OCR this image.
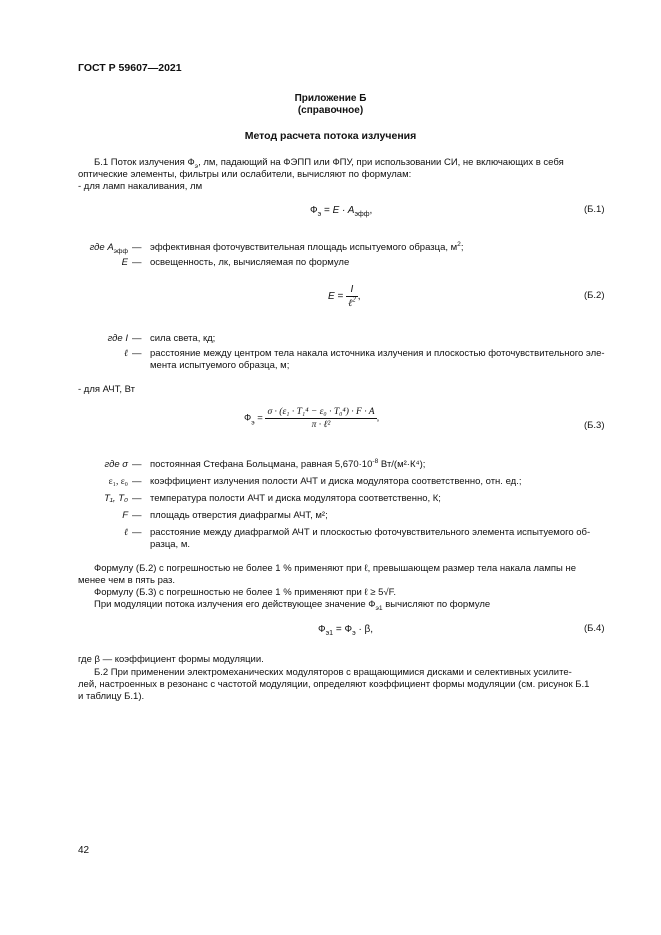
ГОСТ Р 59607—2021
Приложение Б
(справочное)
Метод расчета потока излучения
Б.1 Поток излучения $Ф_э$, лм, падающий на ФЭПП или ФПУ, при использовании СИ, не включающих в себя
оптические элементы, фильтры или ослабители, вычисляют по формулам:
- для ламп накаливания, лм
$Ф_э = E \cdot A_{эфф}$,	(Б.1)
где $A_{эфф}$ — эффективная фоточувствительная площадь испытуемого образца, $м^2$;
E — освещенность, лк, вычисляемая по формуле
$E = \frac{I}{\ell^2}$ ,	(Б.2)
где I — сила света, кд;
ℓ — расстояние между центром тела накала источника излучения и плоскостью фоточувствительного эле-
мента испытуемого образца, м;
- для АЧТ, Вт
$Ф_э = \frac{\text{σ · (ε₁ · T₁⁴ − ε₀ · T₀⁴) · F · A}}{\text{π · ℓ²}}$ ,
(Б.3)
где σ — постоянная Стефана Больцмана, равная $5,670\cdot 10^{-8}$ Вт/(м²·К⁴);
ε₁, ε₀ — коэффициент излучения полости АЧТ и диска модулятора соответственно, отн. ед.;
T₁, T₀ — температура полости АЧТ и диска модулятора соответственно, К;
F — площадь отверстия диафрагмы АЧТ, м²;
ℓ — расстояние между диафрагмой АЧТ и плоскостью фоточувствительного элемента испытуемого об-
разца, м.
Формулу (Б.2) с погрешностью не более 1 % применяют при ℓ, превышающем размер тела накала лампы не
менее чем в пять раз.
Формулу (Б.3) с погрешностью не более 1 % применяют при ℓ ≥ 5√F.
При модуляции потока излучения его действующее значение $Ф_{э1}$ вычисляют по формуле
$Ф_{э1} = Ф_э \cdot \beta$,	(Б.4)
где β — коэффициент формы модуляции.
Б.2 При применении электромеханических модуляторов с вращающимися дисками и селективных усилите-
лей, настроенных в резонанс с частотой модуляции, определяют коэффициент формы модуляции (см. рисунок Б.1
и таблицу Б.1).
42
